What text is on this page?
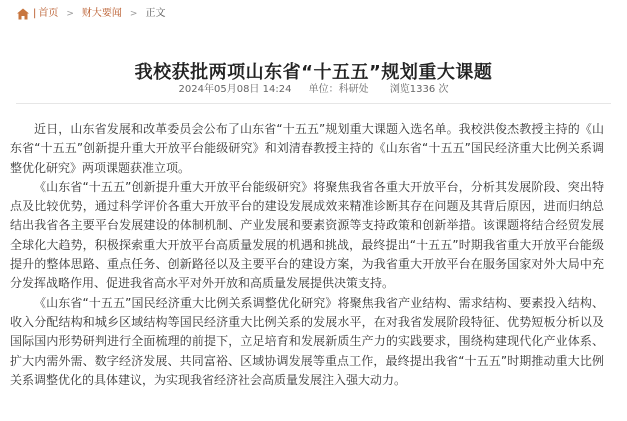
| 首页 > 财大要闻 > 正文
我校获批两项山东省“十五五”规划重大课题
2024年05月08日 14:24 单位：科研处 浏览1336 次

近日，山东省发展和改革委员会公布了山东省“十五五”规划重大课题入选名单。我校洪俊杰教授主持的《山东省“十五五”创新提升重大开放平台能级研究》和刘清春教授主持的《山东省“十五五”国民经济重大比例关系调整优化研究》两项课题获准立项。

《山东省“十五五”创新提升重大开放平台能级研究》将聚焦我省各重大开放平台，分析其发展阶段、突出特点及比较优势，通过科学评价各重大开放平台的建设发展成效来精准诊断其存在问题及其背后原因，进而归纳总结出我省各主要平台发展建设的体制机制、产业发展和要素资源等支持政策和创新举措。该课题将结合经贸发展全球化大趋势，积极探索重大开放平台高质量发展的机遇和挑战，最终提出“十五五”时期我省重大开放平台能级提升的整体思路、重点任务、创新路径以及主要平台的建设方案，为我省重大开放平台在服务国家对外大局中充分发挥战略作用、促进我省高水平对外开放和高质量发展提供决策支持。

《山东省“十五五”国民经济重大比例关系调整优化研究》将聚焦我省产业结构、需求结构、要素投入结构、收入分配结构和城乡区域结构等国民经济重大比例关系的发展水平，在对我省发展阶段特征、优势短板分析以及国际国内形势研判进行全面梳理的前提下，立足培育和发展新质生产力的实践要求，围绕构建现代化产业体系、扩大内需外需、数字经济发展、共同富裕、区域协调发展等重点工作，最终提出我省“十五五”时期推动重大比例关系调整优化的具体建议，为实现我省经济社会高质量发展注入强大动力。
